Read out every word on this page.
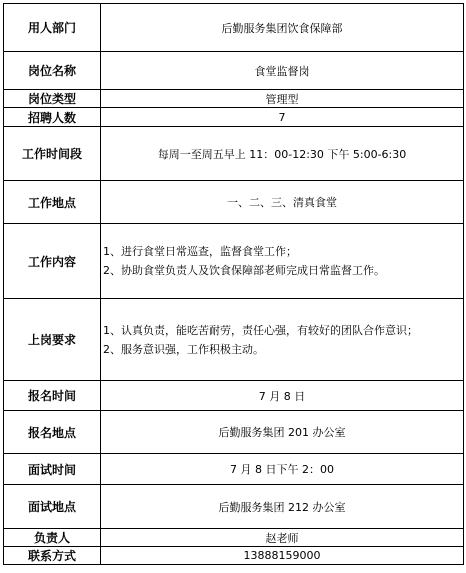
用人部门	后勤服务集团饮食保障部
岗位名称	食堂监督岗
岗位类型	管理型
招聘人数	7
工作时间段	每周一至周五早上 11：00-12:30 下午 5:00-6:30
工作地点	一、二、三、清真食堂
工作内容	1、进行食堂日常巡查，监督食堂工作；
2、协助食堂负责人及饮食保障部老师完成日常监督工作。

上岗要求	1、认真负责，能吃苦耐劳，责任心强，有较好的团队合作意识；
2、服务意识强，工作积极主动。

报名时间	7 月 8 日
报名地点	后勤服务集团 201 办公室
面试时间	7 月 8 日下午 2：00
面试地点	后勤服务集团 212 办公室
负责人	赵老师
联系方式	13888159000
